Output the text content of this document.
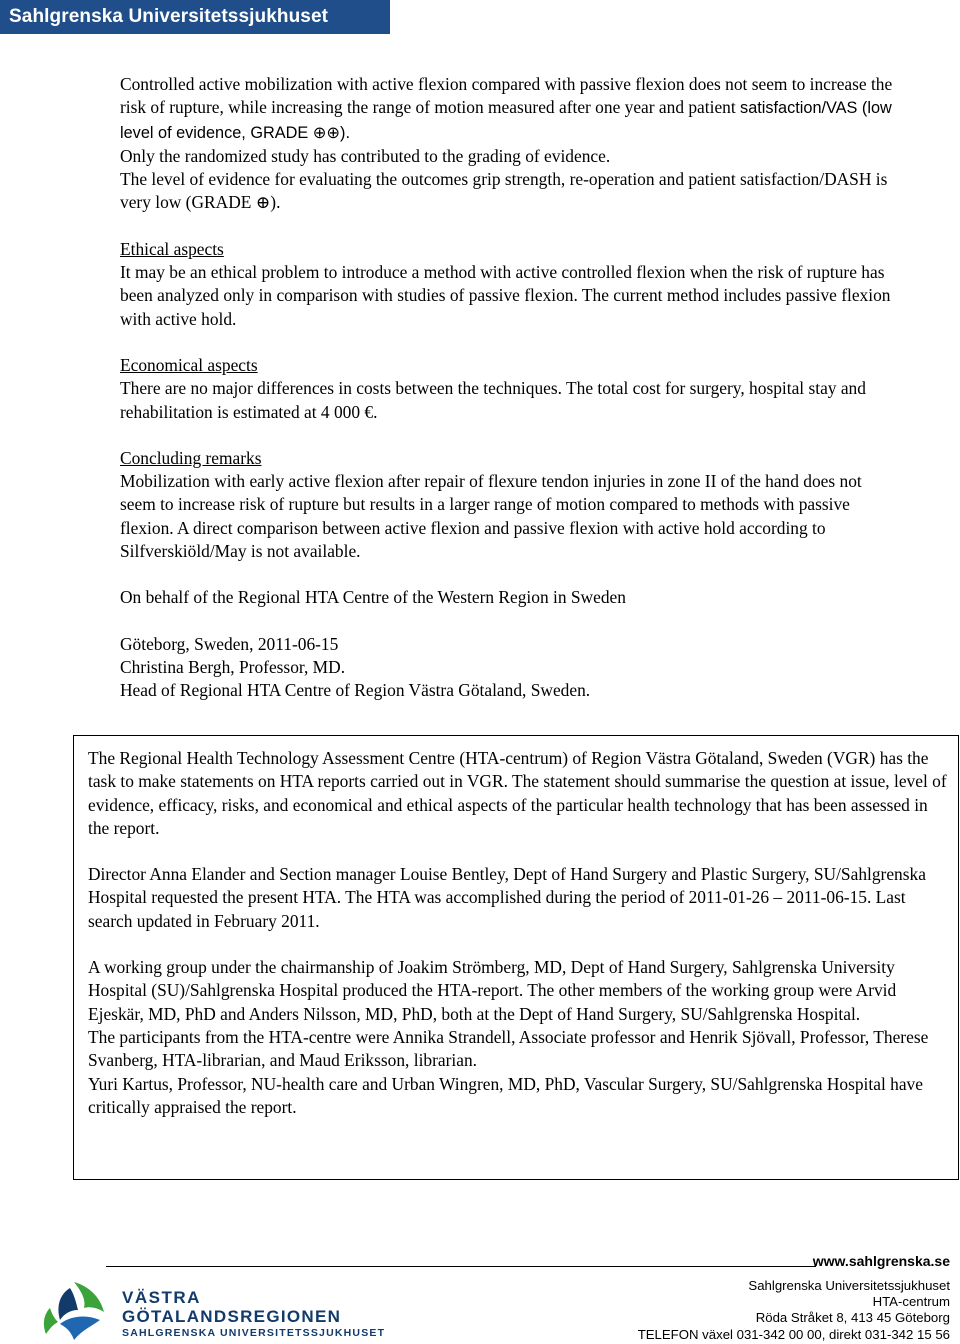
Sahlgrenska Universitetssjukhuset

Controlled active mobilization with active flexion compared with passive flexion does not seem to increase the risk of rupture, while increasing the range of motion measured after one year and patient satisfaction/VAS (low level of evidence, GRADE ⊕⊕).

Only the randomized study has contributed to the grading of evidence.

The level of evidence for evaluating the outcomes grip strength, re-operation and patient satisfaction/DASH is very low (GRADE ⊕).

Ethical aspects

It may be an ethical problem to introduce a method with active controlled flexion when the risk of rupture has been analyzed only in comparison with studies of passive flexion. The current method includes passive flexion with active hold.

Economical aspects

There are no major differences in costs between the techniques. The total cost for surgery, hospital stay and rehabilitation is estimated at 4 000 €.

Concluding remarks

Mobilization with early active flexion after repair of flexure tendon injuries in zone II of the hand does not seem to increase risk of rupture but results in a larger range of motion compared to methods with passive flexion. A direct comparison between active flexion and passive flexion with active hold according to Silfverskiöld/May is not available.

On behalf of the Regional HTA Centre of the Western Region in Sweden

Göteborg, Sweden, 2011-06-15

Christina Bergh, Professor, MD.

Head of Regional HTA Centre of Region Västra Götaland, Sweden.

The Regional Health Technology Assessment Centre (HTA-centrum) of Region Västra Götaland, Sweden (VGR) has the task to make statements on HTA reports carried out in VGR. The statement should summarise the question at issue, level of evidence, efficacy, risks, and economical and ethical aspects of the particular health technology that has been assessed in the report.

Director Anna Elander and Section manager Louise Bentley, Dept of Hand Surgery and Plastic Surgery, SU/Sahlgrenska Hospital requested the present HTA. The HTA was accomplished during the period of 2011-01-26 – 2011-06-15. Last search updated in February 2011.

A working group under the chairmanship of Joakim Strömberg, MD, Dept of Hand Surgery, Sahlgrenska University Hospital (SU)/Sahlgrenska Hospital produced the HTA-report. The other members of the working group were Arvid Ejeskär, MD, PhD and Anders Nilsson, MD, PhD, both at the Dept of Hand Surgery, SU/Sahlgrenska Hospital.

The participants from the HTA-centre were Annika Strandell, Associate professor and Henrik Sjövall, Professor, Therese Svanberg, HTA-librarian, and Maud Eriksson, librarian.

Yuri Kartus, Professor, NU-health care and Urban Wingren, MD, PhD, Vascular Surgery, SU/Sahlgrenska Hospital have critically appraised the report.

www.sahlgrenska.se
Sahlgrenska Universitetssjukhuset
HTA-centrum
Röda Stråket 8, 413 45 Göteborg
TELEFON växel 031-342 00 00, direkt 031-342 15 56
VÄSTRA
GÖTALANDSREGIONEN
SAHLGRENSKA UNIVERSITETSSJUKHUSET
